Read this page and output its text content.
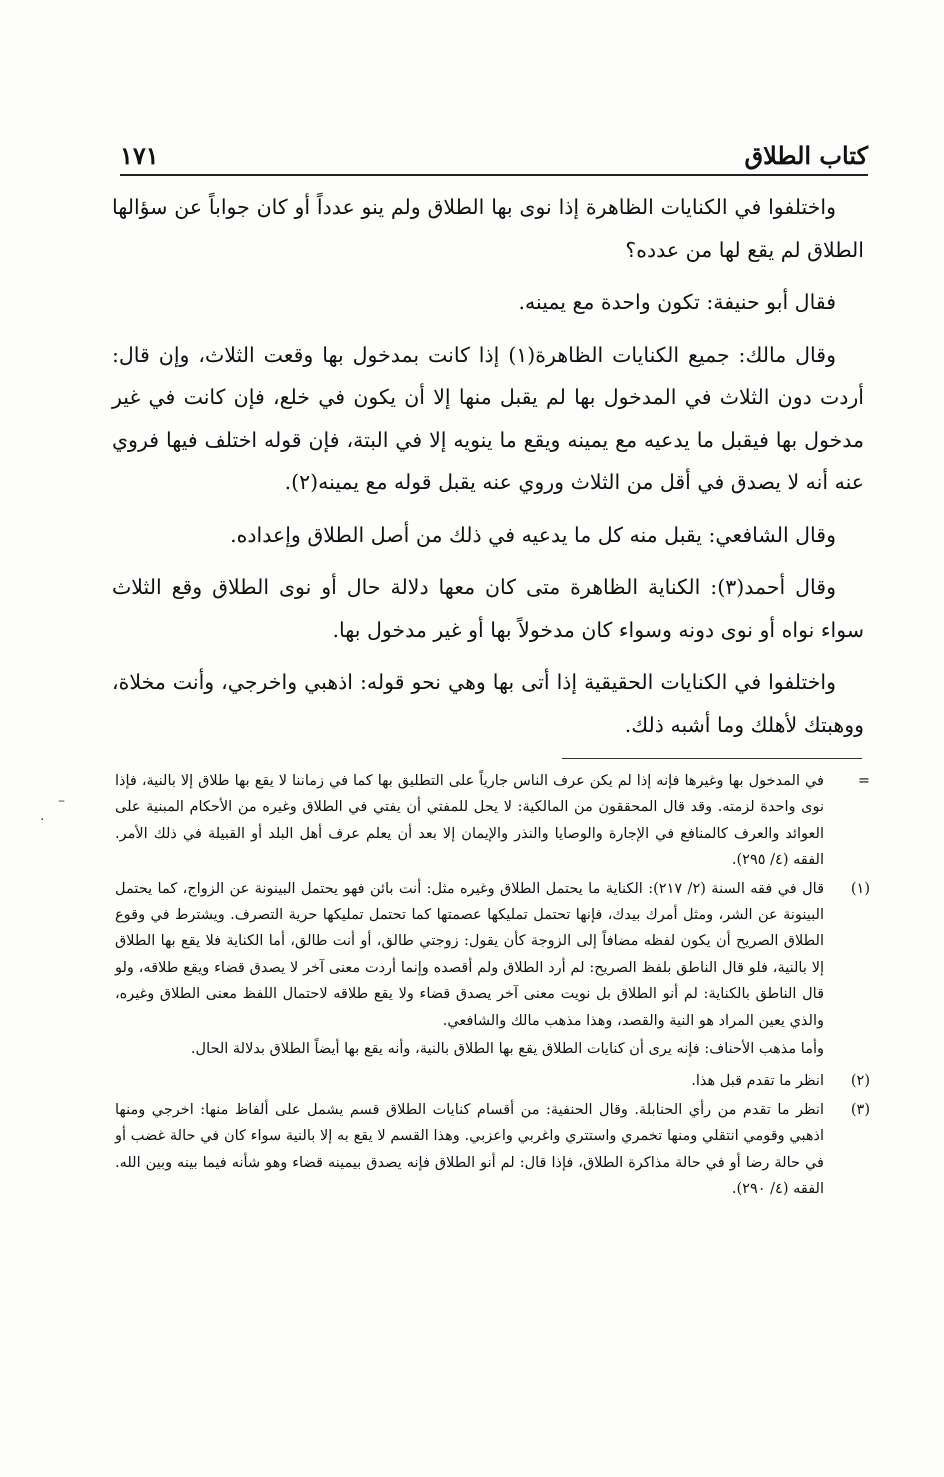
كتاب الطلاق
١٧١

واختلفوا في الكنايات الظاهرة إذا نوى بها الطلاق ولم ينو عدداً أو كان جواباً عن سؤالها الطلاق لم يقع لها من عدده؟

فقال أبو حنيفة: تكون واحدة مع يمينه.

وقال مالك: جميع الكنايات الظاهرة(١) إذا كانت بمدخول بها وقعت الثلاث، وإن قال: أردت دون الثلاث في المدخول بها لم يقبل منها إلا أن يكون في خلع، فإن كانت في غير مدخول بها فيقبل ما يدعيه مع يمينه ويقع ما ينويه إلا في البتة، فإن قوله اختلف فيها فروي عنه أنه لا يصدق في أقل من الثلاث وروي عنه يقبل قوله مع يمينه(٢).

وقال الشافعي: يقبل منه كل ما يدعيه في ذلك من أصل الطلاق وإعداده.

وقال أحمد(٣): الكناية الظاهرة متى كان معها دلالة حال أو نوى الطلاق وقع الثلاث سواء نواه أو نوى دونه وسواء كان مدخولاً بها أو غير مدخول بها.

واختلفوا في الكنايات الحقيقية إذا أتى بها وهي نحو قوله: اذهبي واخرجي، وأنت مخلاة، ووهبتك لأهلك وما أشبه ذلك.

–
·
=
في المدخول بها وغيرها فإنه إذا لم يكن عرف الناس جارياً على التطليق بها كما في زماننا لا يقع بها طلاق إلا بالنية، فإذا نوى واحدة لزمته. وقد قال المحققون من المالكية: لا يحل للمفتي أن يفتي في الطلاق وغيره من الأحكام المبنية على العوائد والعرف كالمنافع في الإجارة والوصايا والنذر والإيمان إلا بعد أن يعلم عرف أهل البلد أو القبيلة في ذلك الأمر. الفقه (٤/ ٢٩٥).
(١)
قال في فقه السنة (٢/ ٢١٧): الكناية ما يحتمل الطلاق وغيره مثل: أنت بائن فهو يحتمل البينونة عن الزواج، كما يحتمل البينونة عن الشر، ومثل أمرك بيدك، فإنها تحتمل تمليكها عصمتها كما تحتمل تمليكها حرية التصرف. ويشترط في وقوع الطلاق الصريح أن يكون لفظه مضافاً إلى الزوجة كأن يقول: زوجتي طالق، أو أنت طالق، أما الكناية فلا يقع بها الطلاق إلا بالنية، فلو قال الناطق بلفظ الصريح: لم أرد الطلاق ولم أقصده وإنما أردت معنى آخر لا يصدق قضاء ويقع طلاقه، ولو قال الناطق بالكناية: لم أنو الطلاق بل نويت معنى آخر يصدق قضاء ولا يقع طلاقه لاحتمال اللفظ معنى الطلاق وغيره، والذي يعين المراد هو النية والقصد، وهذا مذهب مالك والشافعي.
وأما مذهب الأحناف: فإنه يرى أن كنايات الطلاق يقع بها الطلاق بالنية، وأنه يقع بها أيضاً الطلاق بدلالة الحال.
(٢)
انظر ما تقدم قبل هذا.
(٣)
انظر ما تقدم من رأي الحنابلة. وقال الحنفية: من أقسام كنايات الطلاق قسم يشمل على ألفاظ منها: اخرجي ومنها اذهبي وقومي انتقلي ومنها تخمري واستتري واغربي واعزبي. وهذا القسم لا يقع به إلا بالنية سواء كان في حالة غضب أو في حالة رضا أو في حالة مذاكرة الطلاق، فإذا قال: لم أنو الطلاق فإنه يصدق بيمينه قضاء وهو شأنه فيما بينه وبين الله. الفقه (٤/ ٢٩٠).
